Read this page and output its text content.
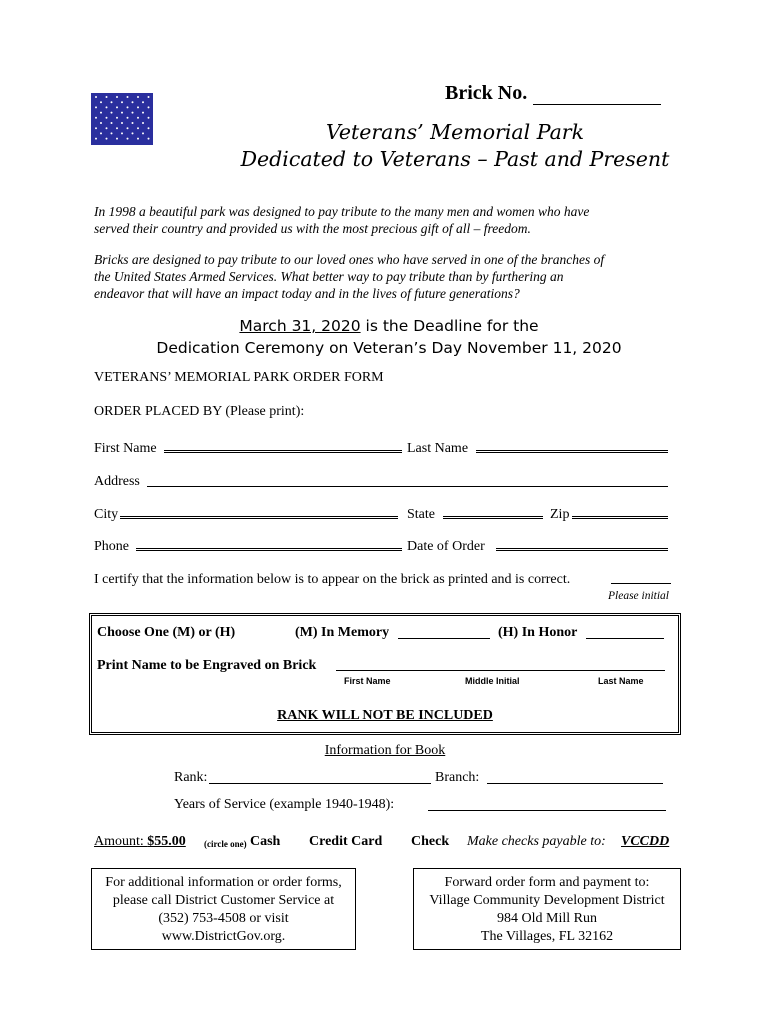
Brick No.
Veterans’ Memorial Park
Dedicated to Veterans – Past and Present
In 1998 a beautiful park was designed to pay tribute to the many men and women who have
served their country and provided us with the most precious gift of all – freedom.
Bricks are designed to pay tribute to our loved ones who have served in one of the branches of
the United States Armed Services. What better way to pay tribute than by furthering an
endeavor that will have an impact today and in the lives of future generations?
March 31, 2020 is the Deadline for the
Dedication Ceremony on Veteran’s Day November 11, 2020
VETERANS’ MEMORIAL PARK ORDER FORM
ORDER PLACED BY (Please print):
First Name	Last Name
Address
City	State	Zip
Phone	Date of Order
I certify that the information below is to appear on the brick as printed and is correct.
Please initial
Choose One (M) or (H)	(M) In Memory	(H) In Honor
Print Name to be Engraved on Brick
First Name	Middle Initial	Last Name
RANK WILL NOT BE INCLUDED
Information for Book
Rank:	Branch:
Years of Service (example 1940-1948):
Amount: $55.00 (circle one) Cash Credit Card Check Make checks payable to: VCCDD
For additional information or order forms,
please call District Customer Service at
(352) 753-4508 or visit
www.DistrictGov.org.
Forward order form and payment to:
Village Community Development District
984 Old Mill Run
The Villages, FL 32162
